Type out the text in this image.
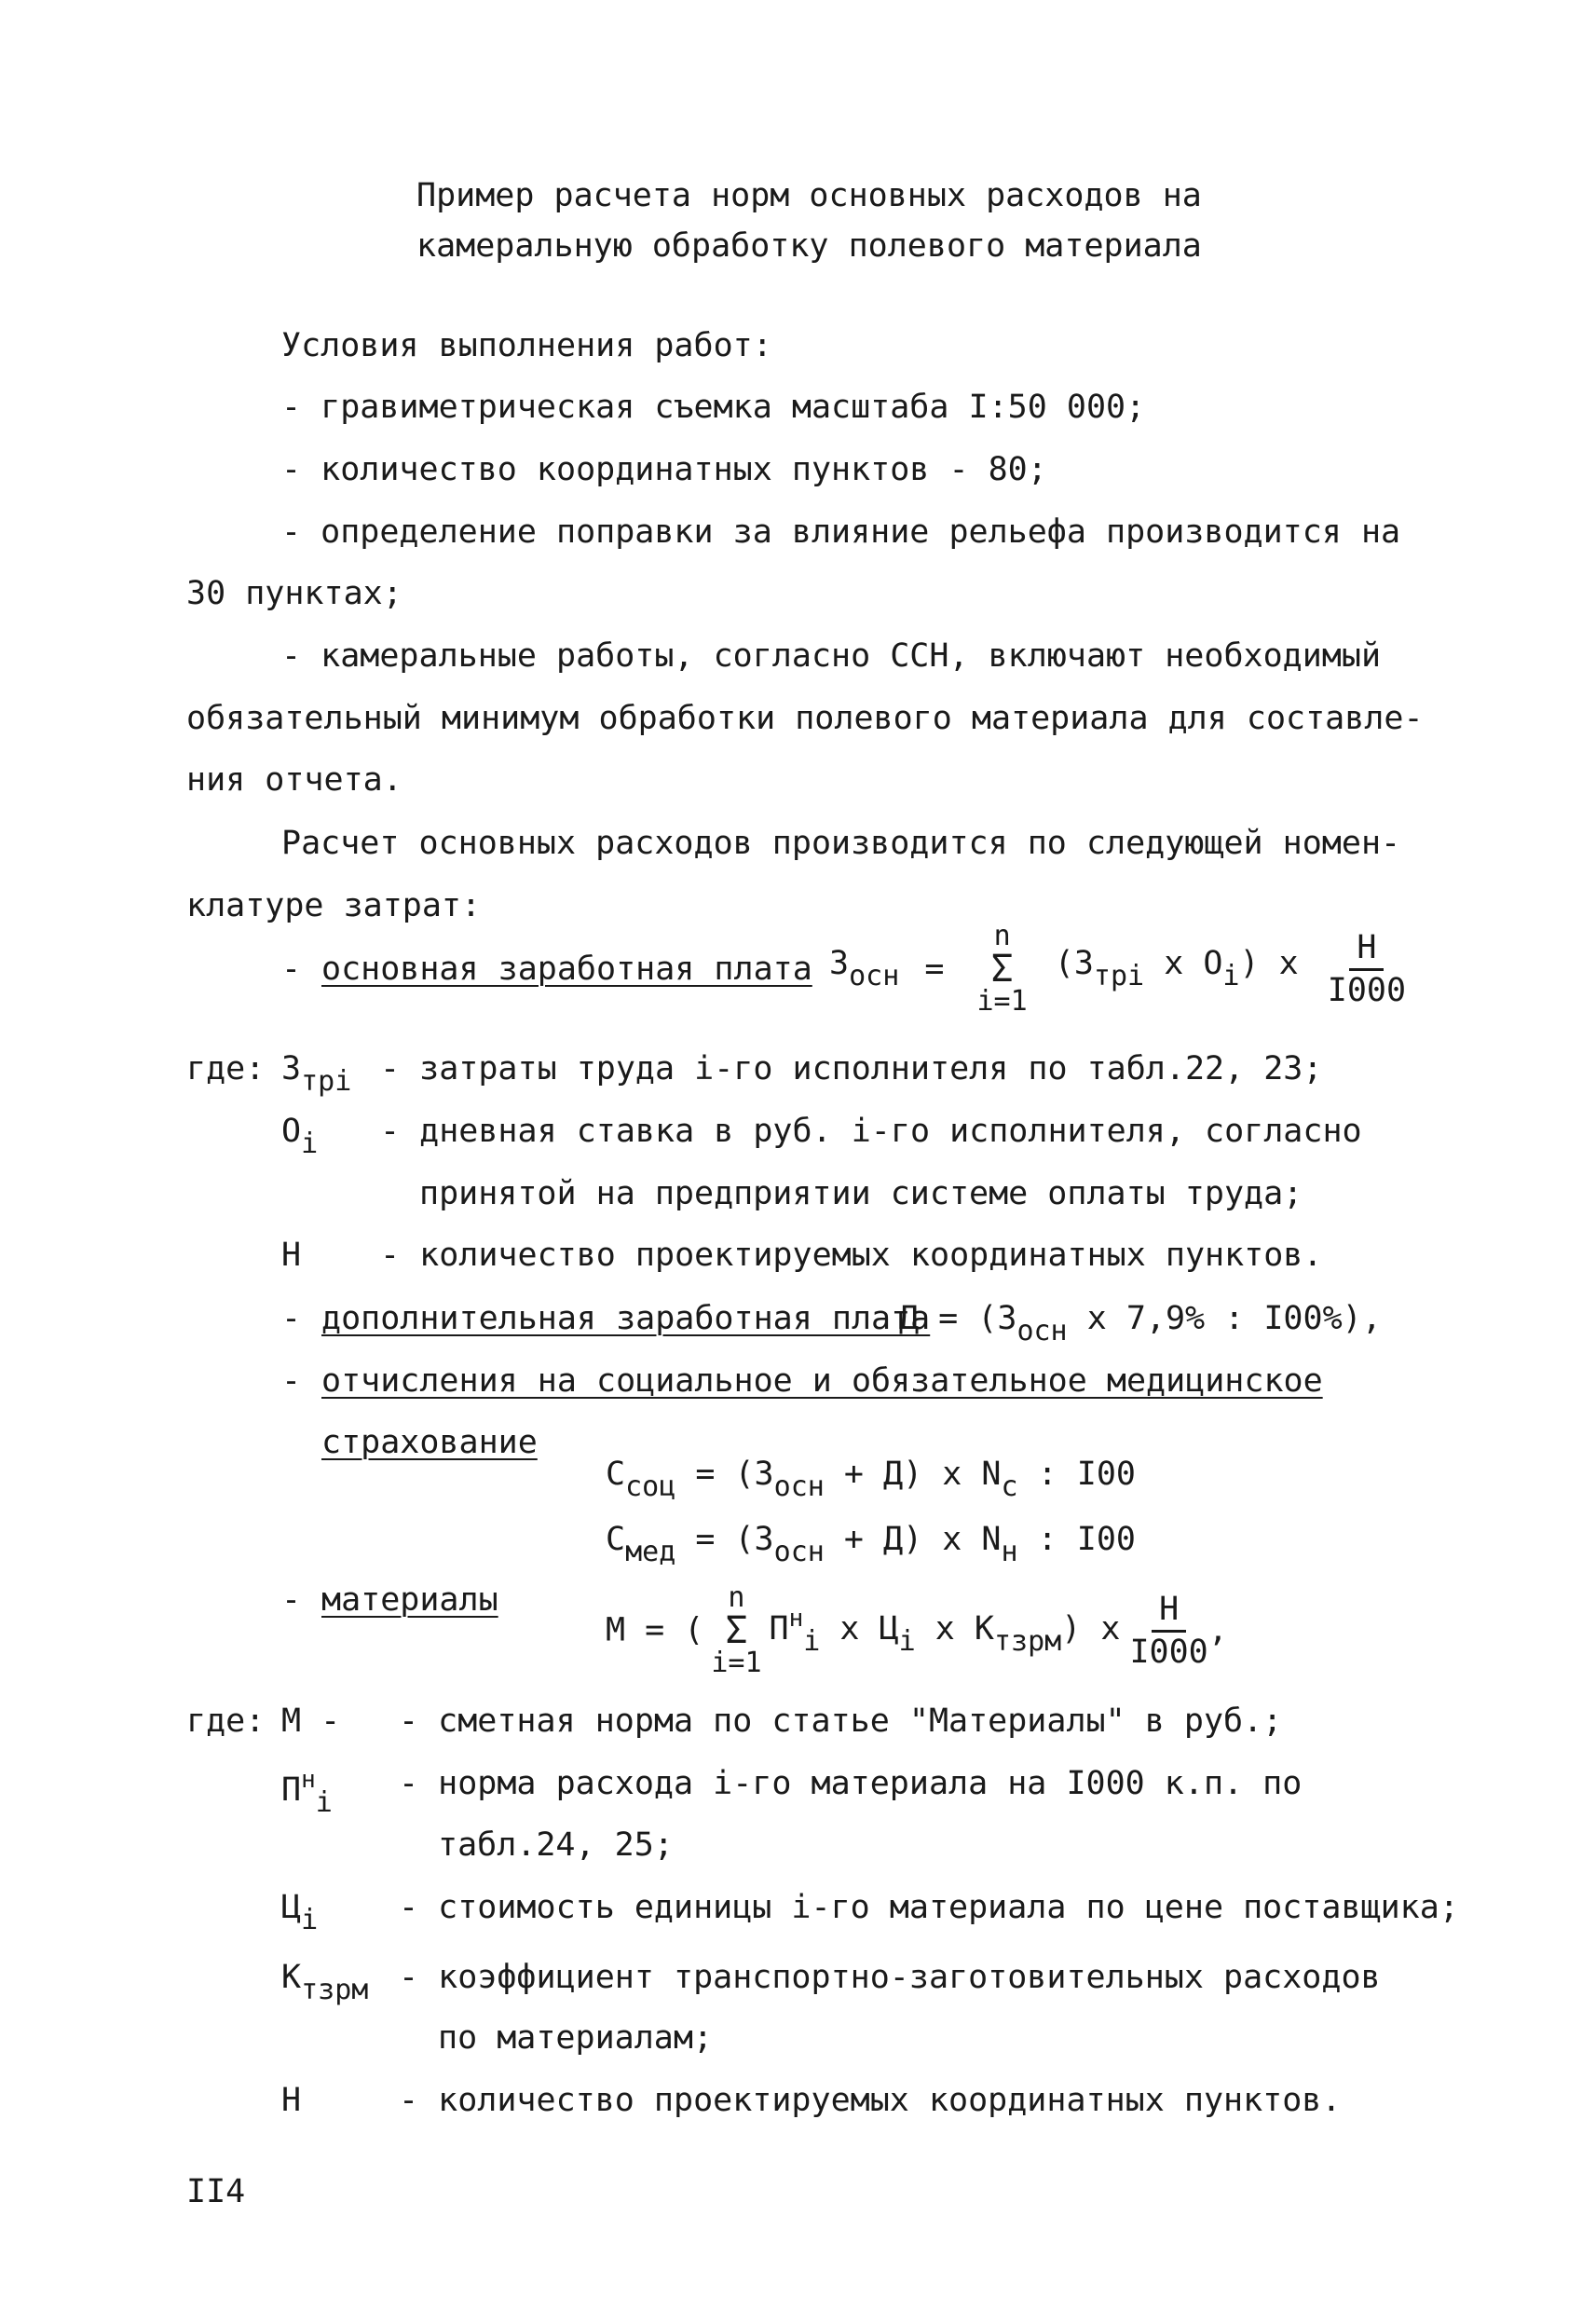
Пример расчета норм основных расходов на
камеральную обработку полевого материала
Условия выполнения работ:
- гравиметрическая съемка масштаба I:50 000;
- количество координатных пунктов - 80;
- определение поправки за влияние рельефа производится на
30 пунктах;
- камеральные работы, согласно ССН, включают необходимый
обязательный минимум обработки полевого материала для составле-
ния отчета.
Расчет основных расходов производится по следующей номен-
клатуре затрат:
- основная заработная плата Зосн =
n
Σ
i=1
(Зтрi х Оi) х $\frac{Н}{I000}$
где: Зтрi - затраты труда i-го исполнителя по табл.22, 23;
Оi - дневная ставка в руб. i-го исполнителя, согласно
принятой на предприятии системе оплаты труда;
Н - количество проектируемых координатных пунктов.
- дополнительная заработная плата
Д = (Зосн х 7,9% : I00%),
- отчисления на социальное и обязательное медицинское
страхование
Ссоц = (Зосн + Д) х Nс : I00
Смед = (Зосн + Д) х Nн : I00
- материалы
М = (
n
Σ
i=1
$П^нi$ х Цi х Ктзрм) х $\frac{Н}{I000}$ ,
где: М - - сметная норма по статье "Материалы" в руб.;
$П^нi$
- норма расхода i-го материала на I000 к.п. по
табл.24, 25;
Цi - стоимость единицы i-го материала по цене поставщика;
Ктзрм - коэффициент транспортно-заготовительных расходов
по материалам;
Н	- количество проектируемых координатных пунктов.
II4
